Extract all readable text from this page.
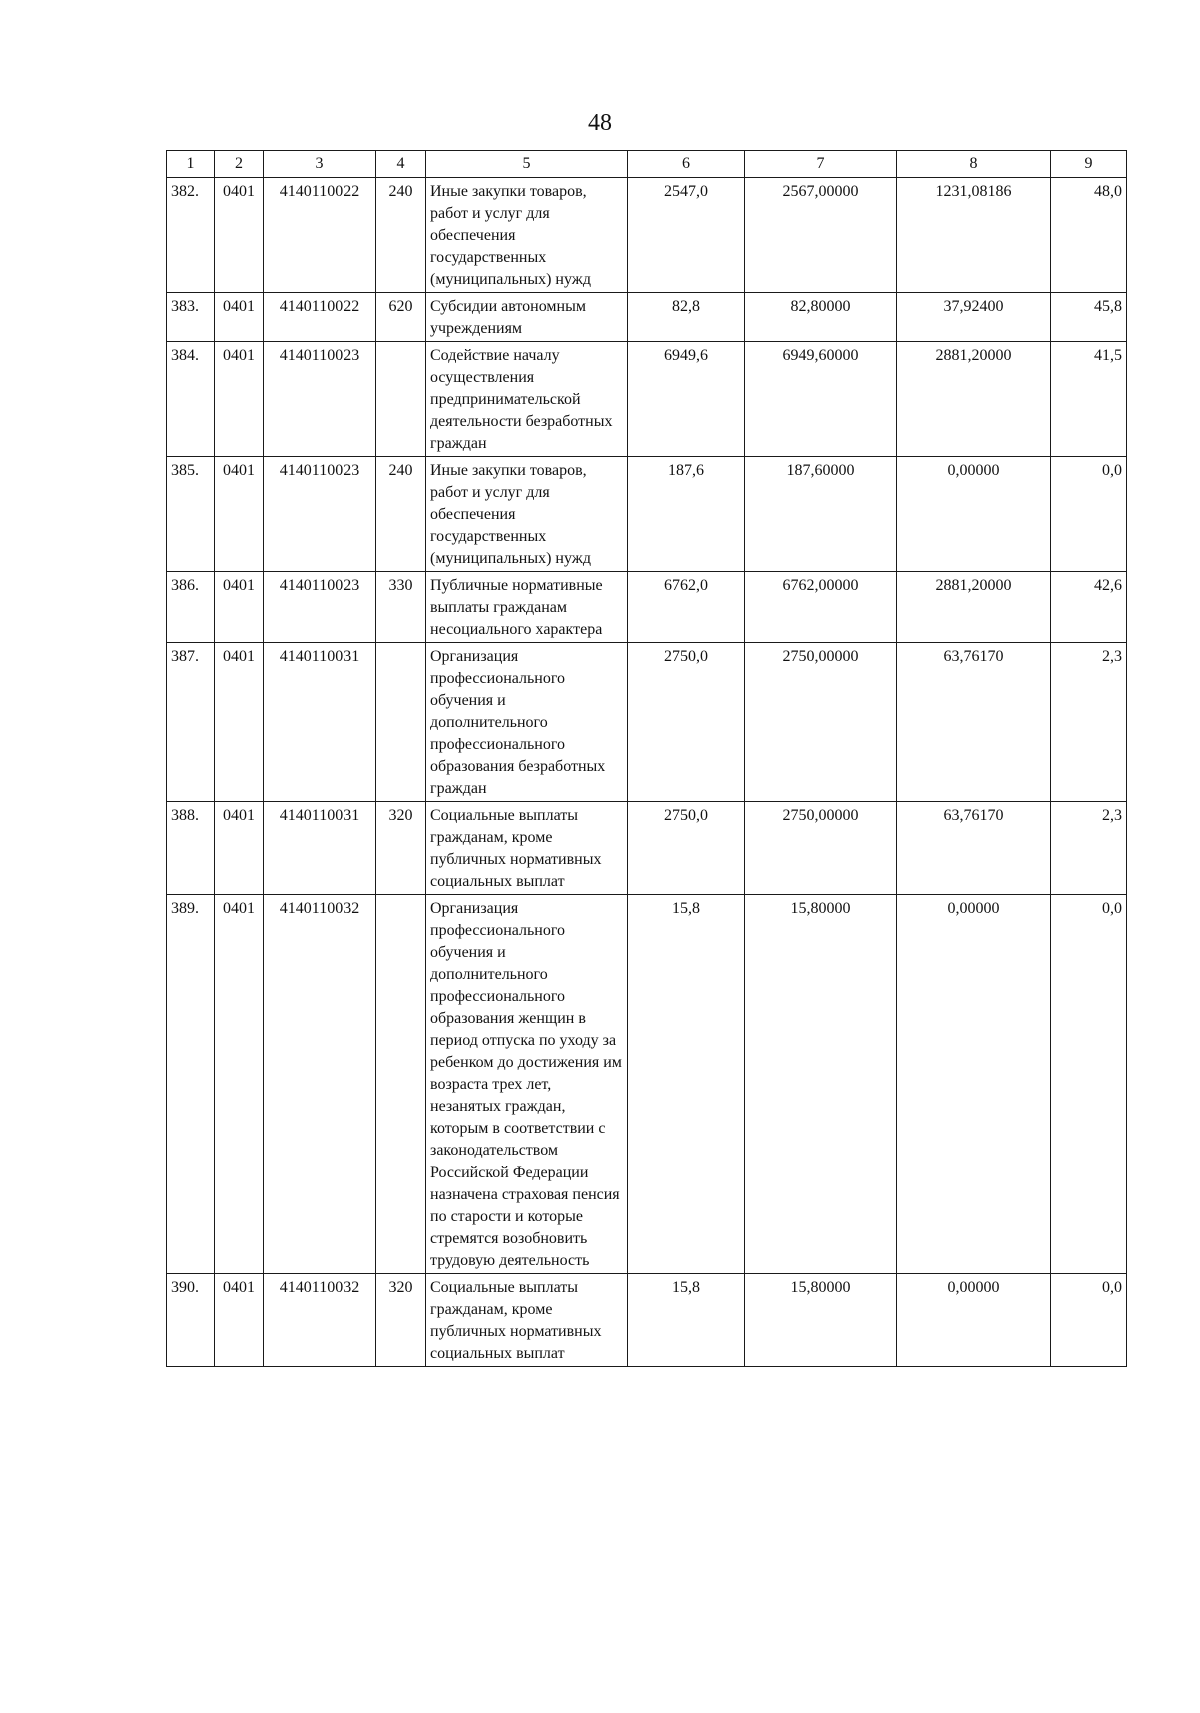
48
1	2	3	4	5	6	7	8	9
382.	0401	4140110022	240	Иные закупки товаров, работ и услуг для обеспечения государственных (муниципальных) нужд	2547,0	2567,00000	1231,08186	48,0
383.	0401	4140110022	620	Субсидии автономным учреждениям	82,8	82,80000	37,92400	45,8
384.	0401	4140110023		Содействие началу осуществления предпринимательской деятельности безработных граждан	6949,6	6949,60000	2881,20000	41,5
385.	0401	4140110023	240	Иные закупки товаров, работ и услуг для обеспечения государственных (муниципальных) нужд	187,6	187,60000	0,00000	0,0
386.	0401	4140110023	330	Публичные нормативные выплаты гражданам несоциального характера	6762,0	6762,00000	2881,20000	42,6
387.	0401	4140110031		Организация профессионального обучения и дополнительного профессионального образования безработных граждан	2750,0	2750,00000	63,76170	2,3
388.	0401	4140110031	320	Социальные выплаты гражданам, кроме публичных нормативных социальных выплат	2750,0	2750,00000	63,76170	2,3
389.	0401	4140110032		Организация профессионального обучения и дополнительного профессионального образования женщин в период отпуска по уходу за ребенком до достижения им возраста трех лет, незанятых граждан, которым в соответствии с законодательством Российской Федерации назначена страховая пенсия по старости и которые стремятся возобновить трудовую деятельность	15,8	15,80000	0,00000	0,0
390.	0401	4140110032	320	Социальные выплаты гражданам, кроме публичных нормативных социальных выплат	15,8	15,80000	0,00000	0,0
